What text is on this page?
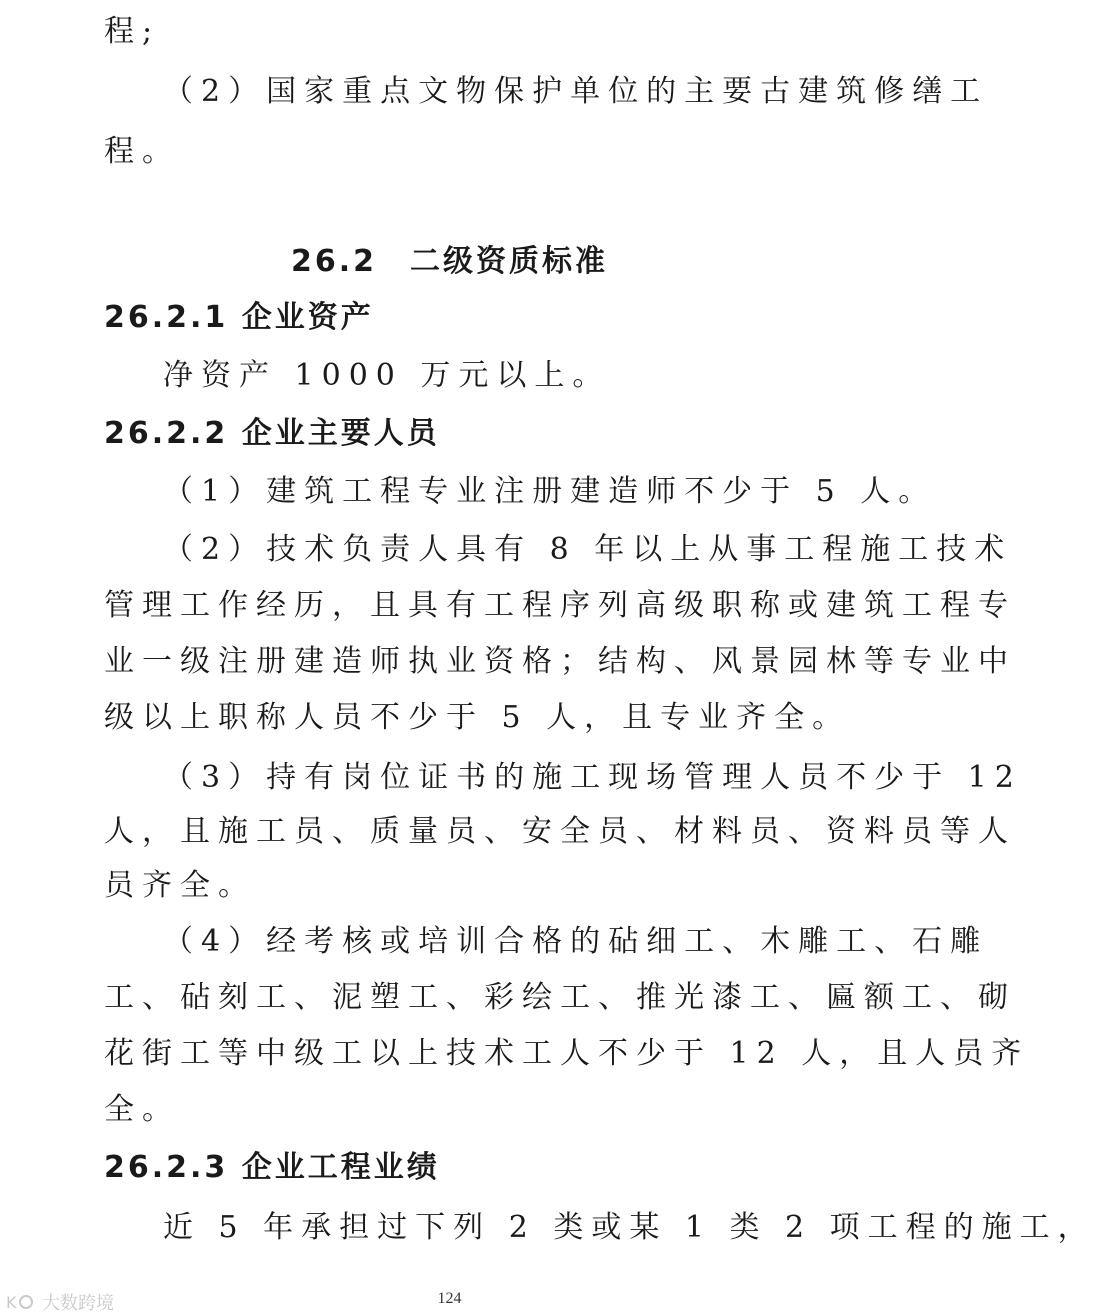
程;
（2）国家重点文物保护单位的主要古建筑修缮工
程。
26.2.1 企业资产
净资产 1000 万元以上。
26.2.2 企业主要人员
（1）建筑工程专业注册建造师不少于 5 人。
（2）技术负责人具有 8 年以上从事工程施工技术
管理工作经历，且具有工程序列高级职称或建筑工程专
业一级注册建造师执业资格；结构、风景园林等专业中
级以上职称人员不少于 5 人，且专业齐全。
（3）持有岗位证书的施工现场管理人员不少于 12
人，且施工员、质量员、安全员、材料员、资料员等人
员齐全。
（4）经考核或培训合格的砧细工、木雕工、石雕
工、砧刻工、泥塑工、彩绘工、推光漆工、匾额工、砌
花街工等中级工以上技术工人不少于 12 人，且人员齐
全。
26.2.3 企业工程业绩
近 5 年承担过下列 2 类或某 1 类 2 项工程的施工，
26.2　二级资质标准
124
K 大数跨境
